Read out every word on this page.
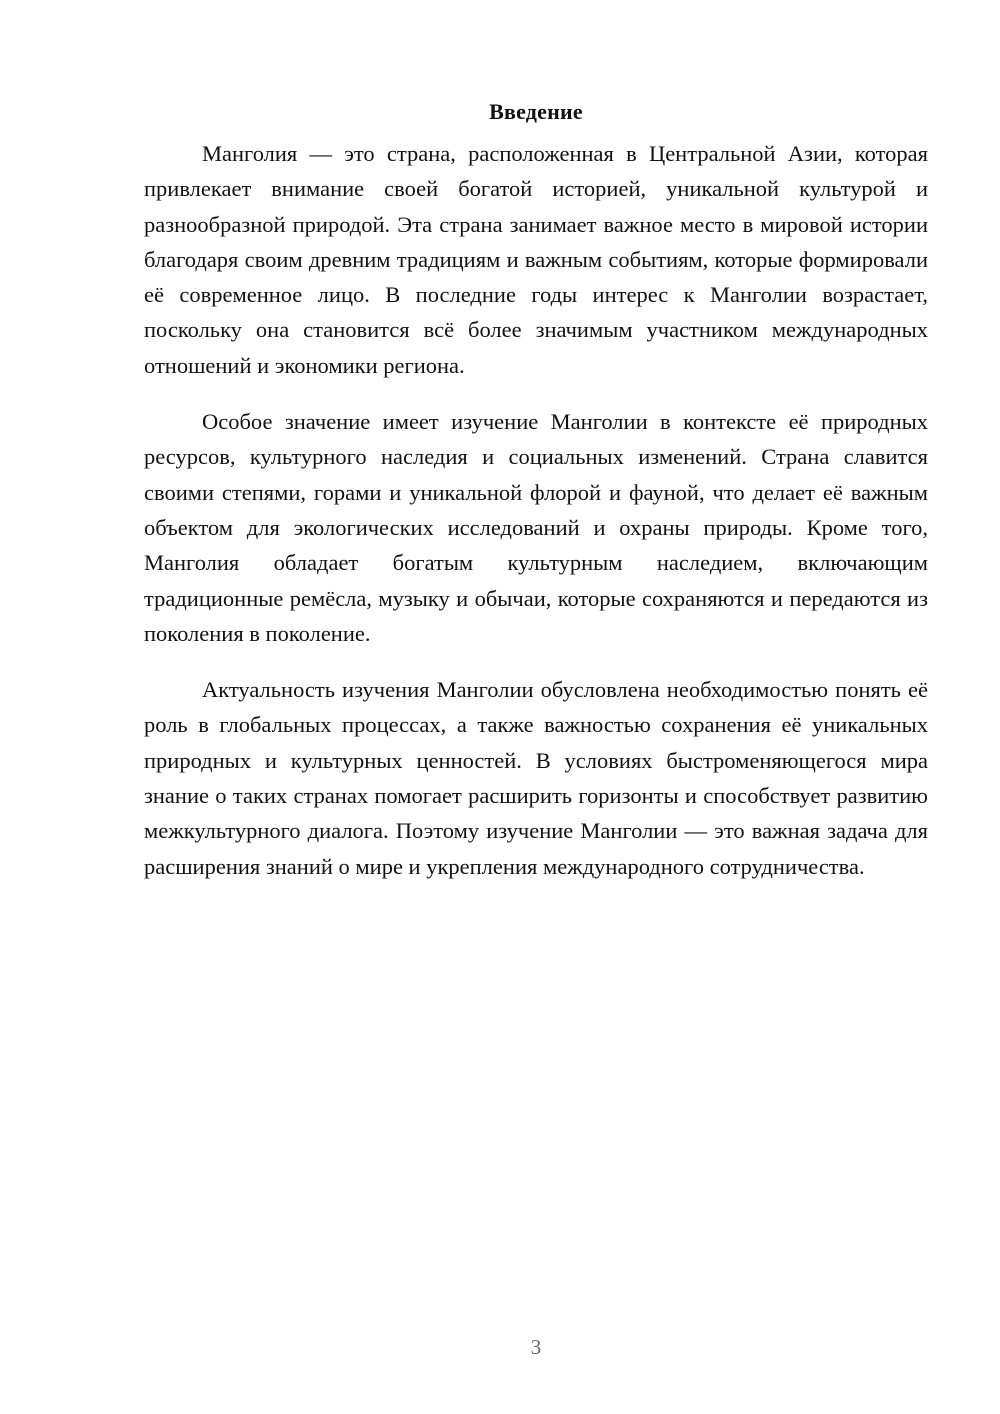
Введение

Манголия — это страна, расположенная в Центральной Азии, которая привлекает внимание своей богатой историей, уникальной культурой и разнообразной природой. Эта страна занимает важное место в мировой истории благодаря своим древним традициям и важным событиям, которые формировали её современное лицо. В последние годы интерес к Манголии возрастает, поскольку она становится всё более значимым участником международных отношений и экономики региона.

Особое значение имеет изучение Манголии в контексте её природных ресурсов, культурного наследия и социальных изменений. Страна славится своими степями, горами и уникальной флорой и фауной, что делает её важным объектом для экологических исследований и охраны природы. Кроме того, Манголия обладает богатым культурным наследием, включающим традиционные ремёсла, музыку и обычаи, которые сохраняются и передаются из поколения в поколение.

Актуальность изучения Манголии обусловлена необходимостью понять её роль в глобальных процессах, а также важностью сохранения её уникальных природных и культурных ценностей. В условиях быстроменяющегося мира знание о таких странах помогает расширить горизонты и способствует развитию межкультурного диалога. Поэтому изучение Манголии — это важная задача для расширения знаний о мире и укрепления международного сотрудничества.

3
